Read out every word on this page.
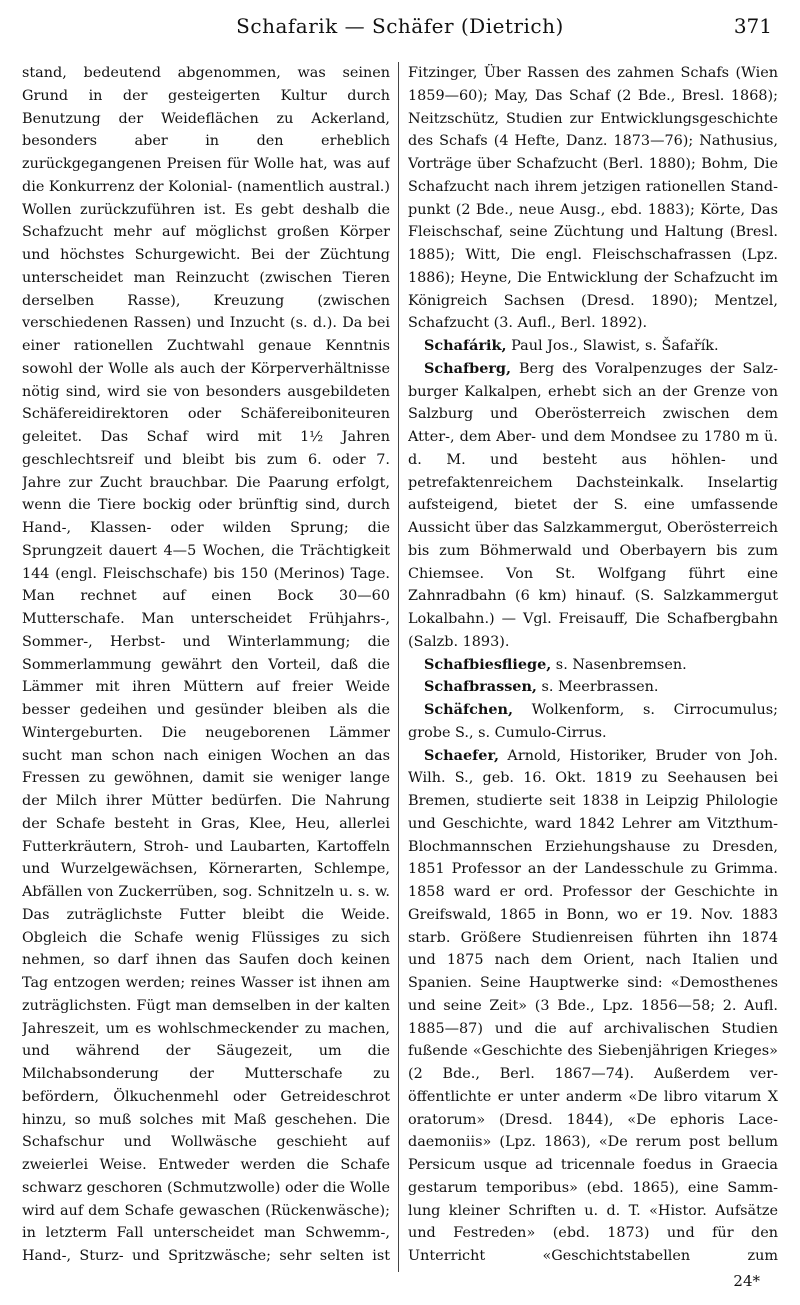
Schafarik — Schäfer (Dietrich)	371

stand, bedeutend abgenommen, was seinen Grund in der gesteigerten Kultur durch Benutzung der Weideflächen zu Ackerland, besonders aber in den erheblich zurückgegangenen Preisen für Wolle hat, was auf die Konkurrenz der Kolonial- (namentlich austral.) Wollen zurückzuführen ist. Es gebt deshalb die Schafzucht mehr auf möglichst großen Körper und höchstes Schurgewicht. Bei der Züchtung unterscheidet man Reinzucht (zwischen Tieren derselben Rasse), Kreuzung (zwischen verschiedenen Rassen) und Inzucht (s. d.). Da bei einer rationellen Zuchtwahl genaue Kenntnis sowohl der Wolle als auch der Körperverhältnisse nötig sind, wird sie von besonders ausgebildeten Schäfereidirektoren oder Schäfereiboniteuren geleitet. Das Schaf wird mit 1½ Jahren geschlechtsreif und bleibt bis zum 6. oder 7. Jahre zur Zucht brauchbar. Die Paarung erfolgt, wenn die Tiere bockig oder brünftig sind, durch Hand-, Klassen- oder wilden Sprung; die Sprungzeit dauert 4—5 Wochen, die Trächtigkeit 144 (engl. Fleischschafe) bis 150 (Merinos) Tage. Man rechnet auf einen Bock 30—60 Mutterschafe. Man unterscheidet Frühjahrs-, Sommer-, Herbst- und Winterlammung; die Sommerlammung gewährt den Vorteil, daß die Lämmer mit ihren Müttern auf freier Weide besser gedeihen und gesünder bleiben als die Wintergeburten. Die neugeborenen Lämmer sucht man schon nach einigen Wochen an das Fressen zu gewöhnen, damit sie weniger lange der Milch ihrer Mütter bedürfen. Die Nahrung der Schafe besteht in Gras, Klee, Heu, allerlei Futterkräutern, Stroh- und Laubarten, Kartoffeln und Wurzelgewächsen, Körnerarten, Schlempe, Abfällen von Zuckerrüben, sog. Schnitzeln u. s. w. Das zuträglichste Futter bleibt die Weide. Obgleich die Schafe wenig Flüssiges zu sich nehmen, so darf ihnen das Saufen doch keinen Tag entzogen werden; reines Wasser ist ihnen am zuträglichsten. Fügt man demselben in der kalten Jahreszeit, um es wohlschmeckender zu machen, und während der Säugezeit, um die Milchabsonderung der Mutterschafe zu befördern, Ölkuchenmehl oder Getreideschrot hinzu, so muß solches mit Maß geschehen. Die Schafschur und Wollwäsche geschieht auf zweierlei Weise. Entweder werden die Schafe schwarz geschoren (Schmutzwolle) oder die Wolle wird auf dem Schafe gewaschen (Rückenwäsche); in letzterm Fall unterscheidet man Schwemm-, Hand-, Sturz- und Spritzwäsche; sehr selten ist

Fitzinger, Über Rassen des zahmen Schafs (Wien 1859—60); May, Das Schaf (2 Bde., Bresl. 1868); Neitzschütz, Studien zur Entwicklungsgeschichte des Schafs (4 Hefte, Danz. 1873—76); Nathusius, Vorträge über Schafzucht (Berl. 1880); Bohm, Die Schafzucht nach ihrem jetzigen rationellen Standpunkt (2 Bde., neue Ausg., ebd. 1883); Körte, Das Fleischschaf, seine Züchtung und Haltung (Bresl. 1885); Witt, Die engl. Fleischschafrassen (Lpz. 1886); Heyne, Die Entwicklung der Schafzucht im Königreich Sachsen (Dresd. 1890); Mentzel, Schafzucht (3. Aufl., Berl. 1892).

Schafárik, Paul Jos., Slawist, s. Šafařík.

Schafberg, Berg des Voralpenzuges der Salzburger Kalkalpen, erhebt sich an der Grenze von Salzburg und Oberösterreich zwischen dem Atter-, dem Aber- und dem Mondsee zu 1780 m ü. d. M. und besteht aus höhlen- und petrefaktenreichem Dachsteinkalk. Inselartig aufsteigend, bietet der S. eine umfassende Aussicht über das Salzkammergut, Oberösterreich bis zum Böhmerwald und Oberbayern bis zum Chiemsee. Von St. Wolfgang führt eine Zahnradbahn (6 km) hinauf. (S. Salzkammergut Lokalbahn.) — Vgl. Freisauff, Die Schafbergbahn (Salzb. 1893).

Schafbiesfliege, s. Nasenbremsen.

Schafbrassen, s. Meerbrassen.

Schäfchen, Wolkenform, s. Cirrocumulus; grobe S., s. Cumulo-Cirrus.

Schaefer, Arnold, Historiker, Bruder von Joh. Wilh. S., geb. 16. Okt. 1819 zu Seehausen bei Bremen, studierte seit 1838 in Leipzig Philologie und Geschichte, ward 1842 Lehrer am Vitzthum-Blochmannschen Erziehungshause zu Dresden, 1851 Professor an der Landesschule zu Grimma. 1858 ward er ord. Professor der Geschichte in Greifswald, 1865 in Bonn, wo er 19. Nov. 1883 starb. Größere Studienreisen führten ihn 1874 und 1875 nach dem Orient, nach Italien und Spanien. Seine Hauptwerke sind: «Demosthenes und seine Zeit» (3 Bde., Lpz. 1856—58; 2. Aufl. 1885—87) und die auf archivalischen Studien fußende «Geschichte des Siebenjährigen Krieges» (2 Bde., Berl. 1867—74). Außerdem veröffentlichte er unter anderm «De libro vitarum X oratorum» (Dresd. 1844), «De ephoris Lacedaemoniis» (Lpz. 1863), «De rerum post bellum Persicum usque ad tricennale foedus in Graecia gestarum temporibus» (ebd. 1865), eine Sammlung kleiner Schriften u. d. T. «Histor. Aufsätze und Festreden» (ebd. 1873) und für den Unterricht «Geschichtstabellen zum

24*
